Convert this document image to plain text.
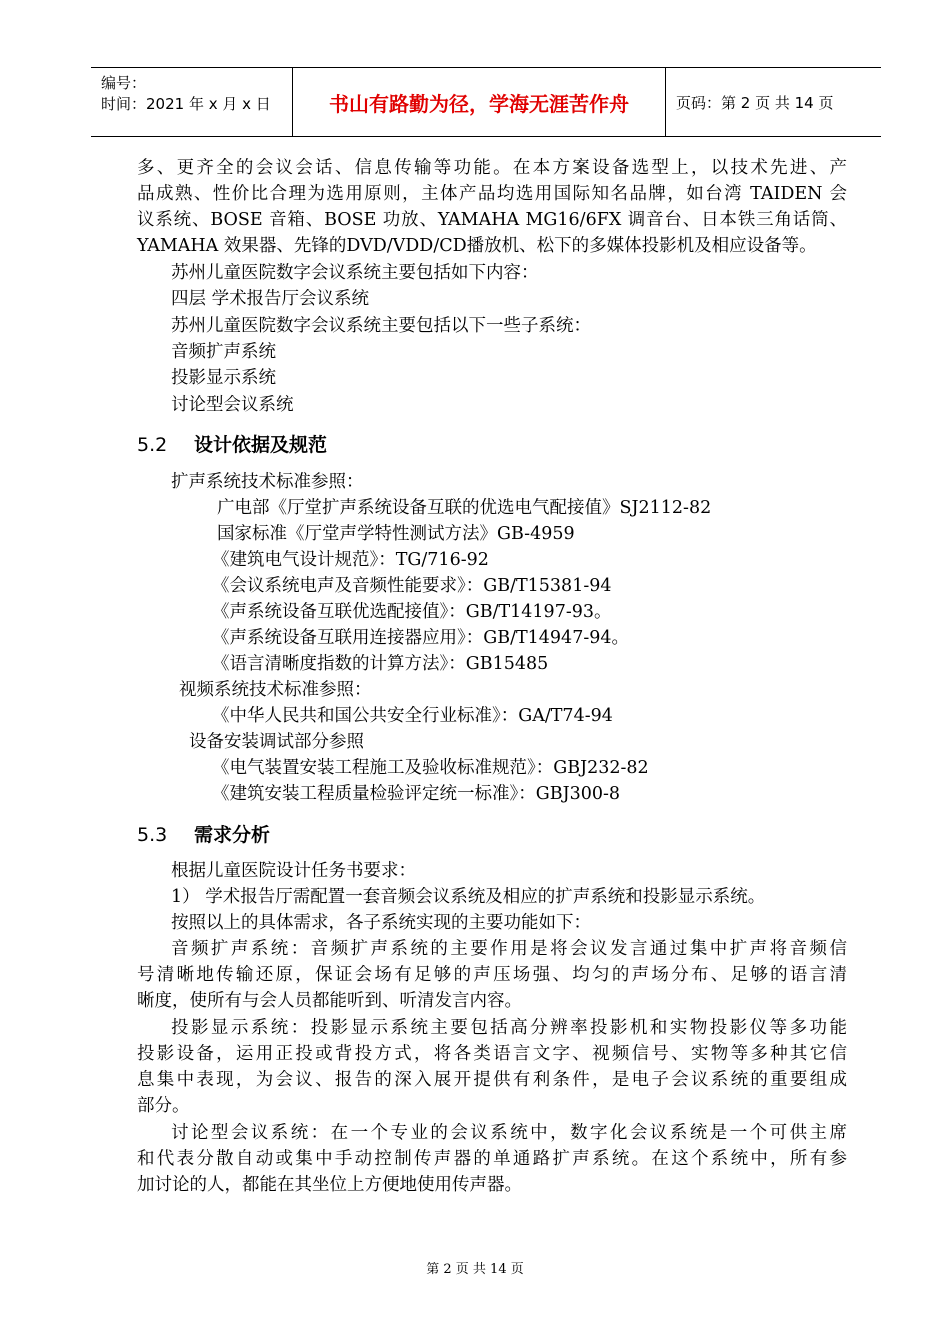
编号：
时间：2021 年 x 月 x 日	书山有路勤为径，学海无涯苦作舟	页码：第 2 页 共 14 页
多、更齐全的会议会话、信息传输等功能。在本方案设备选型上，以技术先进、产
品成熟、性价比合理为选用原则，主体产品均选用国际知名品牌，如台湾 TAIDEN 会
议系统、BOSE 音箱、BOSE 功放、YAMAHA MG16/6FX 调音台、日本铁三角话筒、
YAMAHA 效果器、先锋的DVD/VDD/CD播放机、松下的多媒体投影机及相应设备等。
苏州儿童医院数字会议系统主要包括如下内容：
四层 学术报告厅会议系统
苏州儿童医院数字会议系统主要包括以下一些子系统：
音频扩声系统
投影显示系统
讨论型会议系统
5.2 设计依据及规范
扩声系统技术标准参照：
广电部《厅堂扩声系统设备互联的优选电气配接值》SJ2112-82
国家标准《厅堂声学特性测试方法》GB-4959
《建筑电气设计规范》：TG/716-92
《会议系统电声及音频性能要求》：GB/T15381-94
《声系统设备互联优选配接值》：GB/T14197-93。
《声系统设备互联用连接器应用》：GB/T14947-94。
《语言清晰度指数的计算方法》：GB15485
视频系统技术标准参照：
《中华人民共和国公共安全行业标准》：GA/T74-94
设备安装调试部分参照
《电气装置安装工程施工及验收标准规范》：GBJ232-82
《建筑安装工程质量检验评定统一标准》：GBJ300-8
5.3 需求分析
根据儿童医院设计任务书要求：
1） 学术报告厅需配置一套音频会议系统及相应的扩声系统和投影显示系统。
按照以上的具体需求，各子系统实现的主要功能如下：
音频扩声系统：音频扩声系统的主要作用是将会议发言通过集中扩声将音频信
号清晰地传输还原，保证会场有足够的声压场强、均匀的声场分布、足够的语言清
晰度，使所有与会人员都能听到、听清发言内容。
投影显示系统：投影显示系统主要包括高分辨率投影机和实物投影仪等多功能
投影设备，运用正投或背投方式，将各类语言文字、视频信号、实物等多种其它信
息集中表现，为会议、报告的深入展开提供有利条件，是电子会议系统的重要组成
部分。
讨论型会议系统：在一个专业的会议系统中，数字化会议系统是一个可供主席
和代表分散自动或集中手动控制传声器的单通路扩声系统。在这个系统中，所有参
加讨论的人，都能在其坐位上方便地使用传声器。
第 2 页 共 14 页
